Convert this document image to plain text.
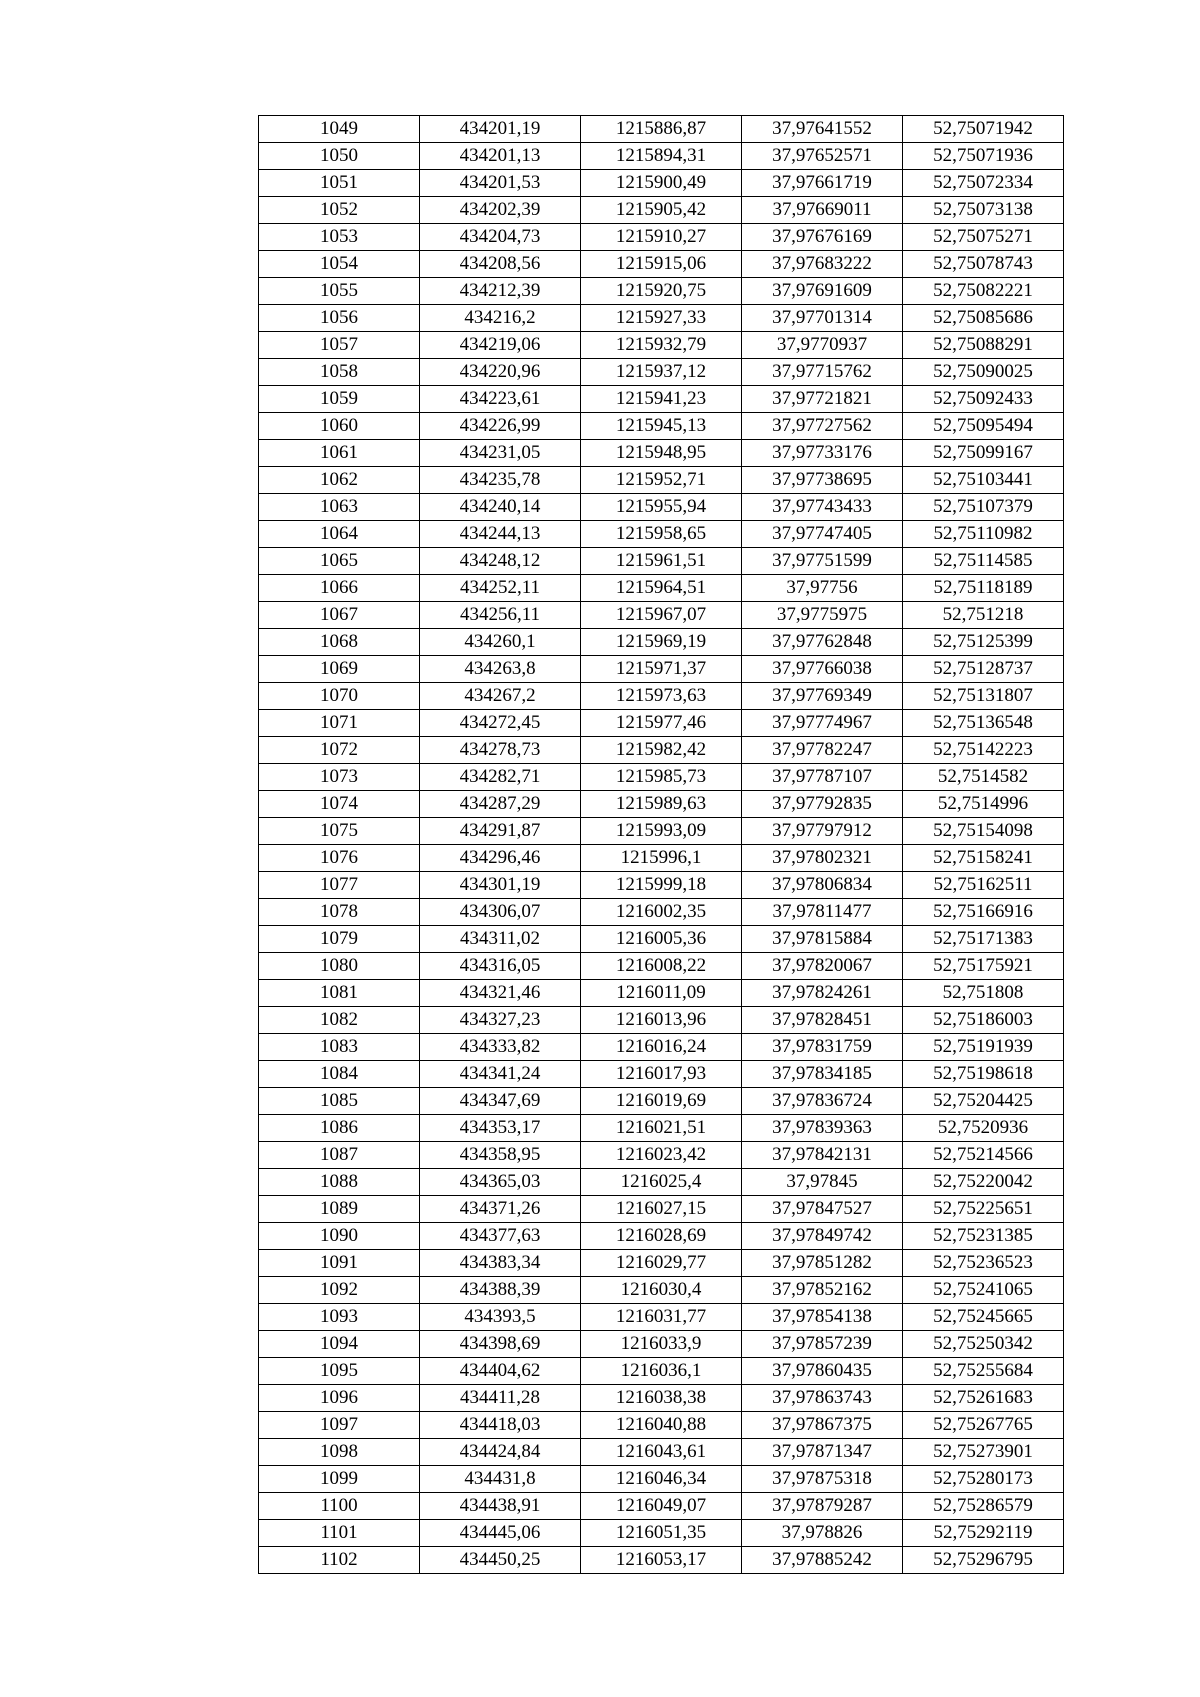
1049	434201,19	1215886,87	37,97641552	52,75071942
1050	434201,13	1215894,31	37,97652571	52,75071936
1051	434201,53	1215900,49	37,97661719	52,75072334
1052	434202,39	1215905,42	37,97669011	52,75073138
1053	434204,73	1215910,27	37,97676169	52,75075271
1054	434208,56	1215915,06	37,97683222	52,75078743
1055	434212,39	1215920,75	37,97691609	52,75082221
1056	434216,2	1215927,33	37,97701314	52,75085686
1057	434219,06	1215932,79	37,9770937	52,75088291
1058	434220,96	1215937,12	37,97715762	52,75090025
1059	434223,61	1215941,23	37,97721821	52,75092433
1060	434226,99	1215945,13	37,97727562	52,75095494
1061	434231,05	1215948,95	37,97733176	52,75099167
1062	434235,78	1215952,71	37,97738695	52,75103441
1063	434240,14	1215955,94	37,97743433	52,75107379
1064	434244,13	1215958,65	37,97747405	52,75110982
1065	434248,12	1215961,51	37,97751599	52,75114585
1066	434252,11	1215964,51	37,97756	52,75118189
1067	434256,11	1215967,07	37,9775975	52,751218
1068	434260,1	1215969,19	37,97762848	52,75125399
1069	434263,8	1215971,37	37,97766038	52,75128737
1070	434267,2	1215973,63	37,97769349	52,75131807
1071	434272,45	1215977,46	37,97774967	52,75136548
1072	434278,73	1215982,42	37,97782247	52,75142223
1073	434282,71	1215985,73	37,97787107	52,7514582
1074	434287,29	1215989,63	37,97792835	52,7514996
1075	434291,87	1215993,09	37,97797912	52,75154098
1076	434296,46	1215996,1	37,97802321	52,75158241
1077	434301,19	1215999,18	37,97806834	52,75162511
1078	434306,07	1216002,35	37,97811477	52,75166916
1079	434311,02	1216005,36	37,97815884	52,75171383
1080	434316,05	1216008,22	37,97820067	52,75175921
1081	434321,46	1216011,09	37,97824261	52,751808
1082	434327,23	1216013,96	37,97828451	52,75186003
1083	434333,82	1216016,24	37,97831759	52,75191939
1084	434341,24	1216017,93	37,97834185	52,75198618
1085	434347,69	1216019,69	37,97836724	52,75204425
1086	434353,17	1216021,51	37,97839363	52,7520936
1087	434358,95	1216023,42	37,97842131	52,75214566
1088	434365,03	1216025,4	37,97845	52,75220042
1089	434371,26	1216027,15	37,97847527	52,75225651
1090	434377,63	1216028,69	37,97849742	52,75231385
1091	434383,34	1216029,77	37,97851282	52,75236523
1092	434388,39	1216030,4	37,97852162	52,75241065
1093	434393,5	1216031,77	37,97854138	52,75245665
1094	434398,69	1216033,9	37,97857239	52,75250342
1095	434404,62	1216036,1	37,97860435	52,75255684
1096	434411,28	1216038,38	37,97863743	52,75261683
1097	434418,03	1216040,88	37,97867375	52,75267765
1098	434424,84	1216043,61	37,97871347	52,75273901
1099	434431,8	1216046,34	37,97875318	52,75280173
1100	434438,91	1216049,07	37,97879287	52,75286579
1101	434445,06	1216051,35	37,978826	52,75292119
1102	434450,25	1216053,17	37,97885242	52,75296795
